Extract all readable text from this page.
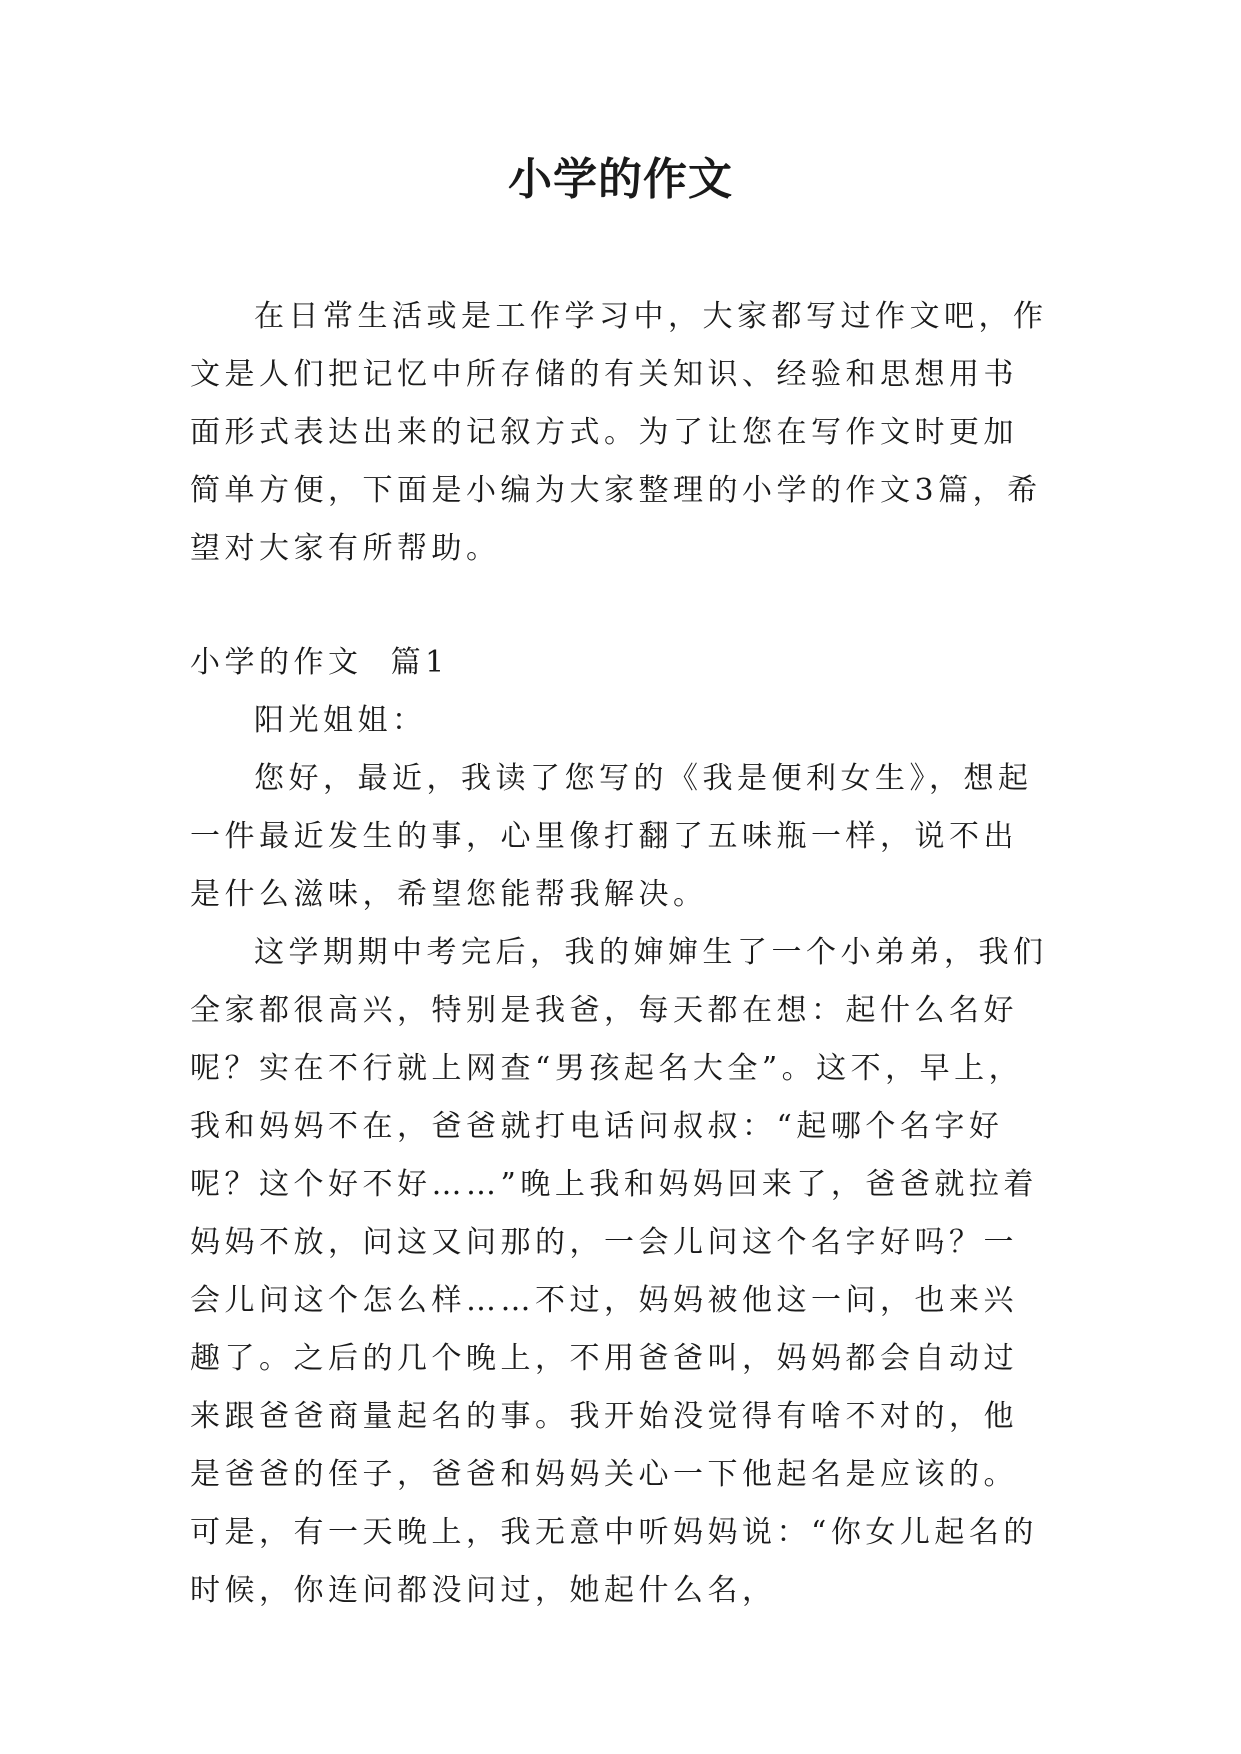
小学的作文

在日常生活或是工作学习中，大家都写过作文吧，作文是人们把记忆中所存储的有关知识、经验和思想用书面形式表达出来的记叙方式。为了让您在写作文时更加简单方便，下面是小编为大家整理的小学的作文3篇，希望对大家有所帮助。

小学的作文  篇1

阳光姐姐：

您好，最近，我读了您写的《我是便利女生》，想起一件最近发生的事，心里像打翻了五味瓶一样，说不出是什么滋味，希望您能帮我解决。

这学期期中考完后，我的婶婶生了一个小弟弟，我们全家都很高兴，特别是我爸，每天都在想：起什么名好呢？实在不行就上网查“男孩起名大全”。这不，早上，我和妈妈不在，爸爸就打电话问叔叔：“起哪个名字好呢？这个好不好……”晚上我和妈妈回来了，爸爸就拉着妈妈不放，问这又问那的，一会儿问这个名字好吗？一会儿问这个怎么样……不过，妈妈被他这一问，也来兴趣了。之后的几个晚上，不用爸爸叫，妈妈都会自动过来跟爸爸商量起名的事。我开始没觉得有啥不对的，他是爸爸的侄子，爸爸和妈妈关心一下他起名是应该的。可是，有一天晚上，我无意中听妈妈说：“你女儿起名的时候，你连问都没问过，她起什么名，
